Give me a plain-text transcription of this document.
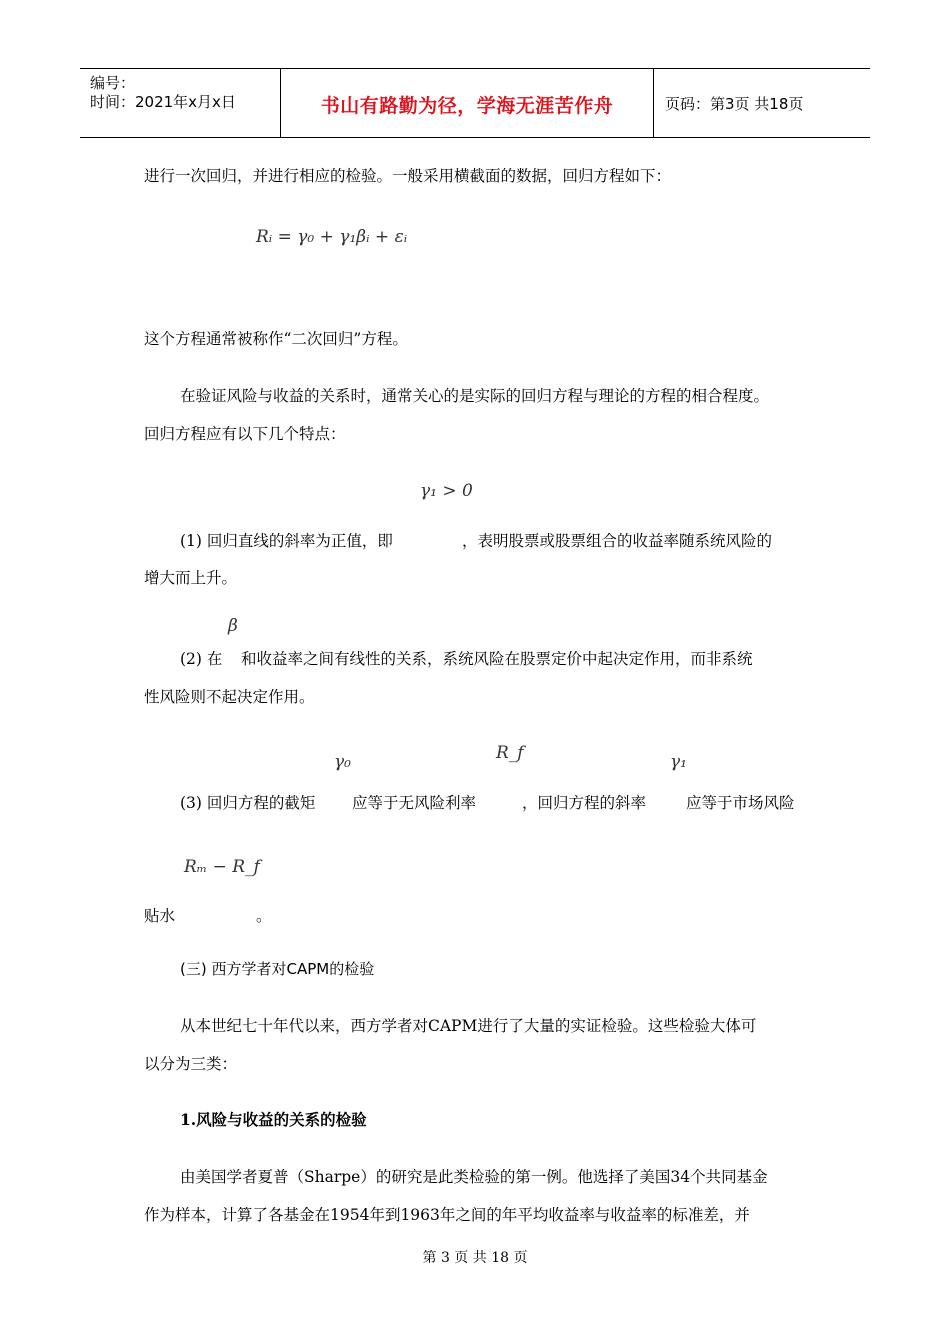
编号：
时间：2021年x月x日	书山有路勤为径，学海无涯苦作舟	页码：第3页 共18页
进行一次回归，并进行相应的检验。一般采用横截面的数据，回归方程如下：
Rᵢ = γ₀ + γ₁βᵢ + εᵢ
这个方程通常被称作“二次回归”方程。
在验证风险与收益的关系时，通常关心的是实际的回归方程与理论的方程的相合程度。
回归方程应有以下几个特点：
γ₁ > 0
(1) 回归直线的斜率为正值，即	，表明股票或股票组合的收益率随系统风险的
增大而上升。
β
(2) 在 和收益率之间有线性的关系，系统风险在股票定价中起决定作用，而非系统
性风险则不起决定作用。
γ₀	R_f	γ₁
(3) 回归方程的截矩 应等于无风险利率	，回归方程的斜率	应等于市场风险
Rₘ − R_f
贴水	。
(三) 西方学者对CAPM的检验
从本世纪七十年代以来，西方学者对CAPM进行了大量的实证检验。这些检验大体可
以分为三类：
1.风险与收益的关系的检验
由美国学者夏普（Sharpe）的研究是此类检验的第一例。他选择了美国34个共同基金
作为样本，计算了各基金在1954年到1963年之间的年平均收益率与收益率的标准差，并
第 3 页 共 18 页
